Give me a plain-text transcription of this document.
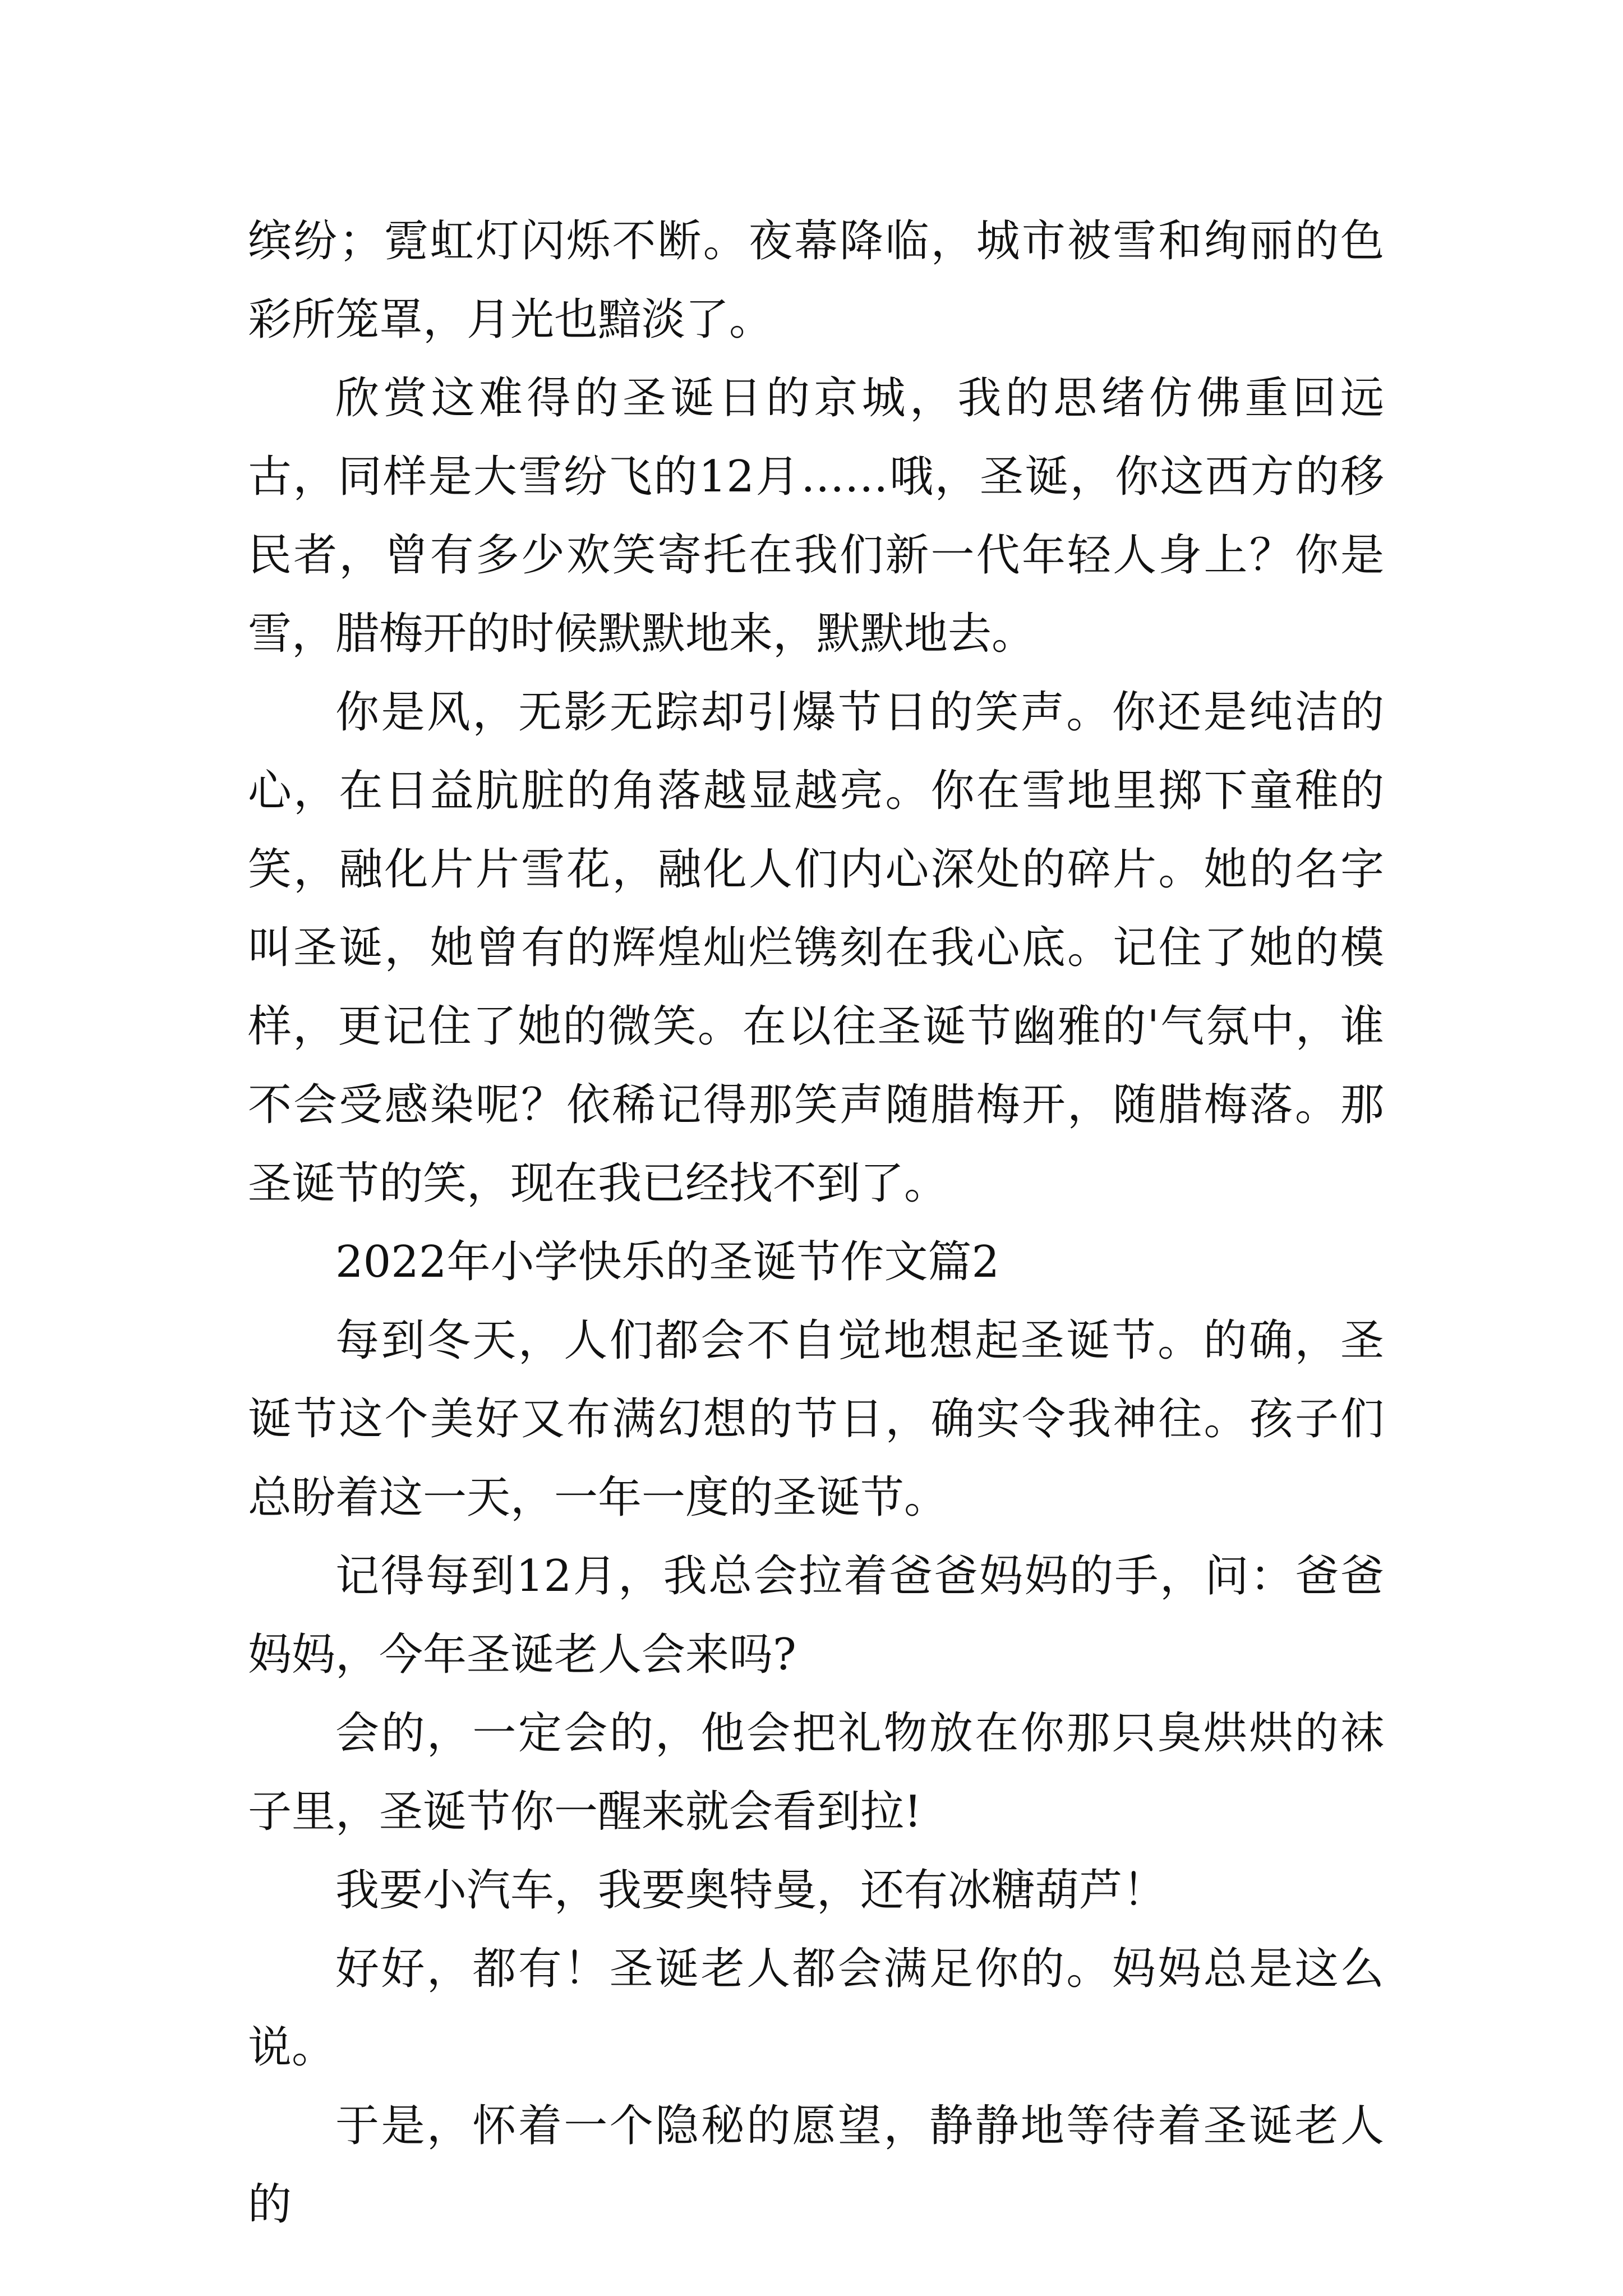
缤纷；霓虹灯闪烁不断。夜幕降临，城市被雪和绚丽的色彩所笼罩，月光也黯淡了。

欣赏这难得的圣诞日的京城，我的思绪仿佛重回远古，同样是大雪纷飞的12月……哦，圣诞，你这西方的移民者，曾有多少欢笑寄托在我们新一代年轻人身上？你是雪，腊梅开的时候默默地来，默默地去。

你是风，无影无踪却引爆节日的笑声。你还是纯洁的心，在日益肮脏的角落越显越亮。你在雪地里掷下童稚的笑，融化片片雪花，融化人们内心深处的碎片。她的名字叫圣诞，她曾有的辉煌灿烂镌刻在我心底。记住了她的模样，更记住了她的微笑。在以往圣诞节幽雅的'气氛中，谁不会受感染呢？依稀记得那笑声随腊梅开，随腊梅落。那圣诞节的笑，现在我已经找不到了。

2022年小学快乐的圣诞节作文篇2

每到冬天，人们都会不自觉地想起圣诞节。的确，圣诞节这个美好又布满幻想的节日，确实令我神往。孩子们总盼着这一天，一年一度的圣诞节。

记得每到12月，我总会拉着爸爸妈妈的手，问：爸爸妈妈，今年圣诞老人会来吗?

会的，一定会的，他会把礼物放在你那只臭烘烘的袜子里，圣诞节你一醒来就会看到拉!

我要小汽车，我要奥特曼，还有冰糖葫芦！

好好，都有！圣诞老人都会满足你的。妈妈总是这么说。

于是，怀着一个隐秘的愿望，静静地等待着圣诞老人的
